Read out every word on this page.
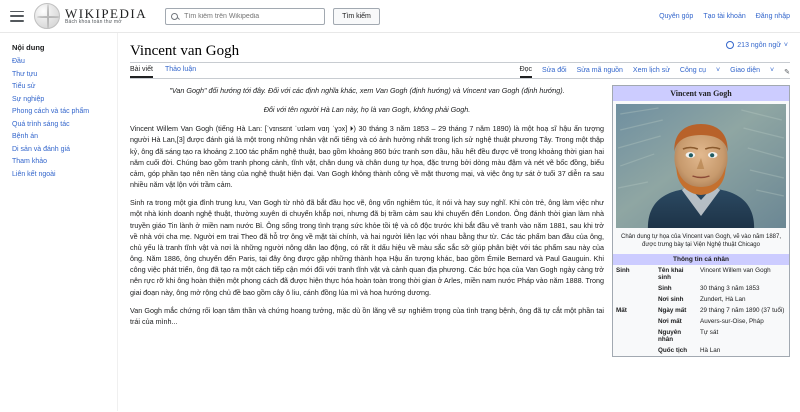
WIKIPEDIA
Bách khoa toàn thư mở
Tìm kiếm trên Wikipedia
Tìm kiếm	Quyên góp Tạo tài khoản Đăng nhập
Nội dung
Đầu
Thư tựu
Tiểu sử
Sự nghiệp
Phong cách và tác phẩm
Quá trình sáng tác
Bệnh án
Di sản và đánh giá
Tham khảo
Liên kết ngoài
213 ngôn ngữ ˅
Vincent van Gogh
Bài viết Thảo luận	Đọc Sửa đổi Sửa mã nguồn Xem lịch sử Công cụ ˅ Giao diện ˅ ✎

"Van Gogh" đổi hướng tới đây. Đối với các định nghĩa khác, xem Van Gogh (định hướng) và Vincent van Gogh (định hướng).

Đối với tên người Hà Lan này, họ là van Gogh, không phải Gogh.

Vincent Willem Van Gogh (tiếng Hà Lan: [ˈvɪnsɛnt ˈʋɪləm vɑŋ ˈɣɔx] ⏵) 30 tháng 3 năm 1853 – 29 tháng 7 năm 1890) là một hoạ sĩ hậu ấn tượng người Hà Lan,[3] được đánh giá là một trong những nhân vật nổi tiếng và có ảnh hưởng nhất trong lịch sử nghệ thuật phương Tây. Trong một thập kỷ, ông đã sáng tạo ra khoảng 2.100 tác phẩm nghệ thuật, bao gồm khoảng 860 bức tranh sơn dầu, hầu hết đều được vẽ trong khoảng thời gian hai năm cuối đời. Chúng bao gồm tranh phong cảnh, tĩnh vật, chân dung và chân dung tự họa, đặc trưng bởi dòng màu đậm và nét vẽ bốc đồng, biểu cảm, góp phần tạo nên nền tảng của nghệ thuật hiện đại. Van Gogh không thành công về mặt thương mại, và việc ông tự sát ở tuổi 37 diễn ra sau nhiều năm vật lộn với trầm cảm.

Sinh ra trong một gia đình trung lưu, Van Gogh từ nhỏ đã bắt đầu học vẽ, ông vốn nghiêm túc, ít nói và hay suy nghĩ. Khi còn trẻ, ông làm việc như một nhà kinh doanh nghệ thuật, thường xuyên di chuyển khắp nơi, nhưng đã bị trầm cảm sau khi chuyển đến London. Ông đánh thời gian làm nhà truyền giáo Tin lành ở miền nam nước Bỉ. Ông sống trong tình trạng sức khỏe tồi tệ và cô độc trước khi bắt đầu vẽ tranh vào năm 1881, sau khi trở về nhà với cha mẹ. Người em trai Theo đã hỗ trợ ông về mặt tài chính, và hai người liên lạc với nhau bằng thư từ. Các tác phẩm ban đầu của ông, chủ yếu là tranh tĩnh vật và nơi là những người nông dân lao động, có rất ít dấu hiệu về màu sắc sắc sỡ giúp phân biệt với tác phẩm sau này của ông. Năm 1886, ông chuyển đến Paris, tại đây ông được gặp những thành họa Hậu ấn tượng khác, bao gồm Émile Bernard và Paul Gauguin. Khi công việc phát triển, ông đã tạo ra một cách tiếp cận mới đối với tranh tĩnh vật và cảnh quan địa phương. Các bức họa của Van Gogh ngày càng trở nên rực rỡ khi ông hoàn thiện một phong cách đã được hiện thực hóa hoàn toàn trong thời gian ở Arles, miền nam nước Pháp vào năm 1888. Trong giai đoạn này, ông mở rộng chủ đề bao gồm cây ô liu, cánh đồng lúa mì và hoa hướng dương.

Van Gogh mắc chứng rối loạn tâm thần và chứng hoang tưởng, mặc dù ồn lãng vẽ sự nghiêm trọng của tình trạng bệnh, ông đã tự cắt một phần tai trái của mình...

Vincent van Gogh
Chân dung tự họa của Vincent van Gogh, vẽ vào năm 1887, được trưng bày tại Viện Nghệ thuật Chicago
Thông tin cá nhân
Sinh	Tên khai sinh	Vincent Willem van Gogh
	Sinh	30 tháng 3 năm 1853
	Nơi sinh	Zundert, Hà Lan
Mất	Ngày mất	29 tháng 7 năm 1890 (37 tuổi)
	Nơi mất	Auvers-sur-Oise, Pháp
	Nguyên nhân	Tự sát
	Quốc tịch	Hà Lan
